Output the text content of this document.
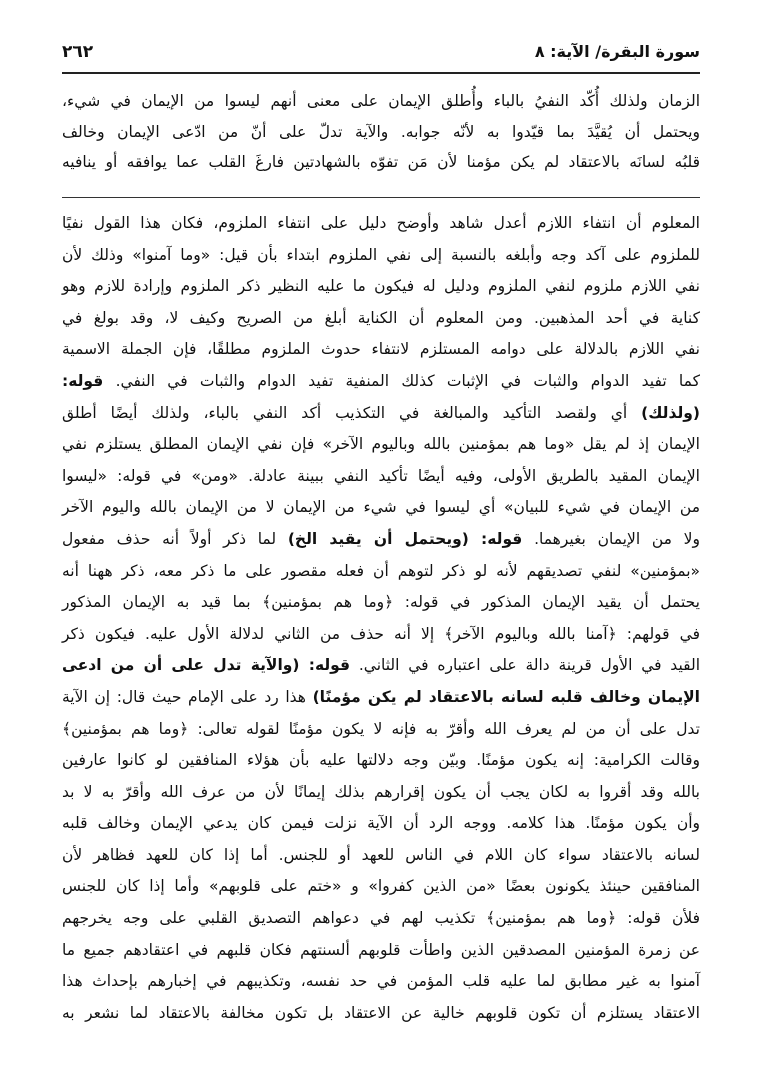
٢٦٢	سورة البقرة/ الآية: ٨
الزمان ولذلك أُكّد النفيُ بالباء وأُطلق الإيمان على معنى أنهم ليسوا من الإيمان في شيء،
ويحتمل أن يُقيَّدَ بما قيّدوا به لأنّه جوابه. والآية تدلّ على أنّ من ادّعى الإيمان وخالف
قلبُه لسانَه بالاعتقاد لم يكن مؤمنا لأن مَن تفوّه بالشهادتين فارغَ القلب عما يوافقه أو ينافيه
المعلوم أن انتفاء اللازم أعدل شاهد وأوضح دليل على انتفاء الملزوم، فكان هذا القول نفيًا
للملزوم على آكد وجه وأبلغه بالنسبة إلى نفي الملزوم ابتداء بأن قيل: «وما آمنوا» وذلك لأن
نفي اللازم ملزوم لنفي الملزوم ودليل له فيكون ما عليه النظير ذكر الملزوم وإرادة للازم وهو
كناية في أحد المذهبين. ومن المعلوم أن الكناية أبلغ من الصريح وكيف لا، وقد بولغ في
نفي اللازم بالدلالة على دوامه المستلزم لانتفاء حدوث الملزوم مطلقًا، فإن الجملة الاسمية
كما تفيد الدوام والثبات في الإثبات كذلك المنفية تفيد الدوام والثبات في النفي. قوله:
(ولذلك) أي ولقصد التأكيد والمبالغة في التكذيب أكد النفي بالباء، ولذلك أيضًا أطلق
الإيمان إذ لم يقل «وما هم بمؤمنين بالله وباليوم الآخر» فإن نفي الإيمان المطلق يستلزم نفي
الإيمان المقيد بالطريق الأولى، وفيه أيضًا تأكيد النفي ببينة عادلة. «ومن» في قوله: «ليسوا
من الإيمان في شيء للبيان» أي ليسوا في شيء من الإيمان لا من الإيمان بالله واليوم الآخر
ولا من الإيمان بغيرهما. قوله: (ويحتمل أن يقيد الخ) لما ذكر أولاً أنه حذف مفعول
«بمؤمنين» لنفي تصديقهم لأنه لو ذكر لتوهم أن فعله مقصور على ما ذكر معه، ذكر ههنا أنه
يحتمل أن يقيد الإيمان المذكور في قوله: ﴿وما هم بمؤمنين﴾ بما قيد به الإيمان المذكور
في قولهم: ﴿آمنا بالله وباليوم الآخر﴾ إلا أنه حذف من الثاني لدلالة الأول عليه. فيكون ذكر
القيد في الأول قرينة دالة على اعتباره في الثاني. قوله: (والآية تدل على أن من ادعى
الإيمان وخالف قلبه لسانه بالاعتقاد لم يكن مؤمنًا) هذا رد على الإمام حيث قال: إن الآية
تدل على أن من لم يعرف الله وأقرّ به فإنه لا يكون مؤمنًا لقوله تعالى: ﴿وما هم بمؤمنين﴾
وقالت الكرامية: إنه يكون مؤمنًا. وبيّن وجه دلالتها عليه بأن هؤلاء المنافقين لو كانوا عارفين
بالله وقد أقروا به لكان يجب أن يكون إقرارهم بذلك إيمانًا لأن من عرف الله وأقرّ به لا بد
وأن يكون مؤمنًا. هذا كلامه. ووجه الرد أن الآية نزلت فيمن كان يدعي الإيمان وخالف قلبه
لسانه بالاعتقاد سواء كان اللام في الناس للعهد أو للجنس. أما إذا كان للعهد فظاهر لأن
المنافقين حينئذ يكونون بعضًا «من الذين كفروا» و «ختم على قلوبهم» وأما إذا كان للجنس
فلأن قوله: ﴿وما هم بمؤمنين﴾ تكذيب لهم في دعواهم التصديق القلبي على وجه يخرجهم
عن زمرة المؤمنين المصدقين الذين واطأت قلوبهم ألسنتهم فكان قلبهم في اعتقادهم جميع ما
آمنوا به غير مطابق لما عليه قلب المؤمن في حد نفسه، وتكذيبهم في إخبارهم بإحداث هذا
الاعتقاد يستلزم أن تكون قلوبهم خالية عن الاعتقاد بل تكون مخالفة بالاعتقاد لما نشعر به
